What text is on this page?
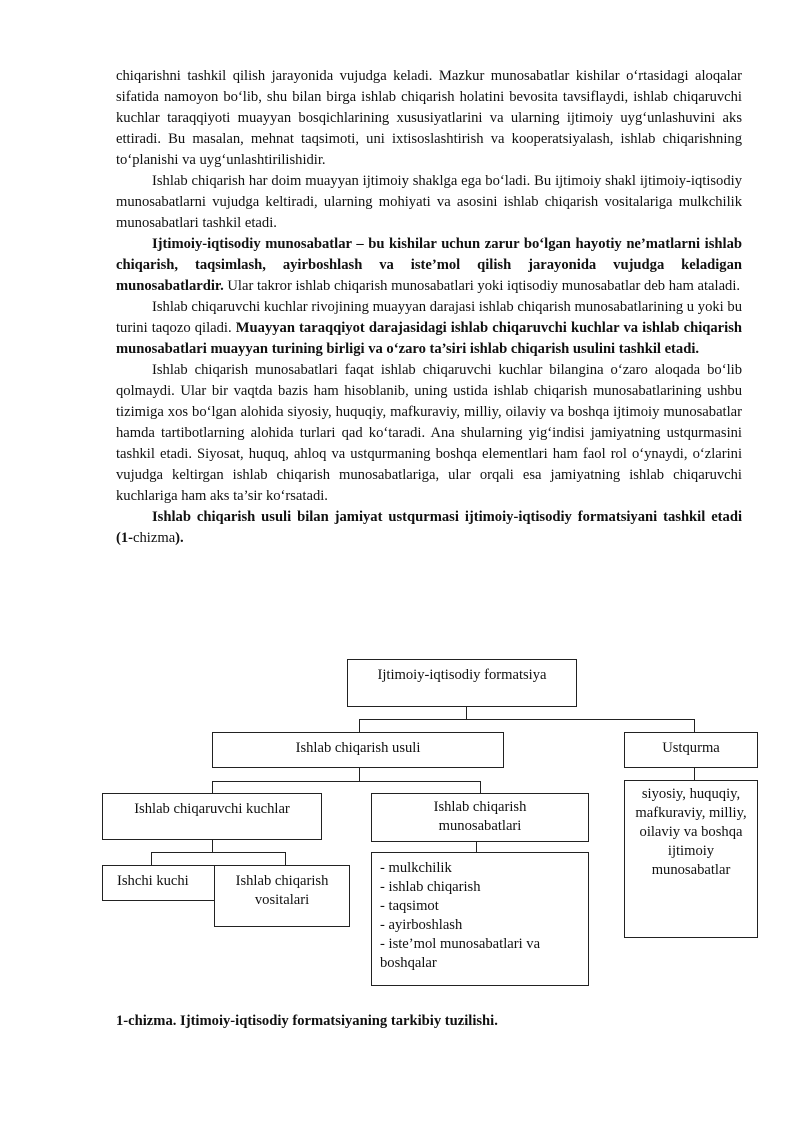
chiqarishni tashkil qilish jarayonida vujudga keladi. Mazkur munosabatlar kishilar o‘rtasidagi aloqalar sifatida namoyon bo‘lib, shu bilan birga ishlab chiqarish holatini bevosita tavsiflaydi, ishlab chiqaruvchi kuchlar taraqqiyoti muayyan bosqichlarining xususiyatlarini va ularning ijtimoiy uyg‘unlashuvini aks ettiradi. Bu masalan, mehnat taqsimoti, uni ixtisoslashtirish va kooperatsiyalash, ishlab chiqarishning to‘planishi va uyg‘unlashtirilishidir.

Ishlab chiqarish har doim muayyan ijtimoiy shaklga ega bo‘ladi. Bu ijtimoiy shakl ijtimoiy-iqtisodiy munosabatlarni vujudga keltiradi, ularning mohiyati va asosini ishlab chiqarish vositalariga mulkchilik munosabatlari tashkil etadi.

Ijtimoiy-iqtisodiy munosabatlar – bu kishilar uchun zarur bo‘lgan hayotiy ne’matlarni ishlab chiqarish, taqsimlash, ayirboshlash va iste’mol qilish jarayonida vujudga keladigan munosabatlardir. Ular takror ishlab chiqarish munosabatlari yoki iqtisodiy munosabatlar deb ham ataladi.

Ishlab chiqaruvchi kuchlar rivojining muayyan darajasi ishlab chiqarish munosabatlarining u yoki bu turini taqozo qiladi. Muayyan taraqqiyot darajasidagi ishlab chiqaruvchi kuchlar va ishlab chiqarish munosabatlari muayyan turining birligi va o‘zaro ta’siri ishlab chiqarish usulini tashkil etadi.

Ishlab chiqarish munosabatlari faqat ishlab chiqaruvchi kuchlar bilangina o‘zaro aloqada bo‘lib qolmaydi. Ular bir vaqtda bazis ham hisoblanib, uning ustida ishlab chiqarish munosabatlarining ushbu tizimiga xos bo‘lgan alohida siyosiy, huquqiy, mafkuraviy, milliy, oilaviy va boshqa ijtimoiy munosabatlar hamda tartibotlarning alohida turlari qad ko‘taradi. Ana shularning yig‘indisi jamiyatning ustqurmasini tashkil etadi. Siyosat, huquq, ahloq va ustqurmaning boshqa elementlari ham faol rol o‘ynaydi, o‘zlarini vujudga keltirgan ishlab chiqarish munosabatlariga, ular orqali esa jamiyatning ishlab chiqaruvchi kuchlariga ham aks ta’sir ko‘rsatadi.

Ishlab chiqarish usuli bilan jamiyat ustqurmasi ijtimoiy-iqtisodiy formatsiyani tashkil etadi (1-chizma).

Ijtimoiy-iqtisodiy formatsiya
Ishlab chiqarish usuli	Ustqurma
Ishlab chiqaruvchi kuchlar	Ishlab chiqarish munosabatlari
siyosiy, huquqiy, mafkuraviy, milliy, oilaviy va boshqa ijtimoiy munosabatlar
Ishchi kuchi	Ishlab chiqarish vositalari
- mulkchilik
- ishlab chiqarish
- taqsimot
- ayirboshlash
- iste’mol munosabatlari va boshqalar
1-chizma. Ijtimoiy-iqtisodiy formatsiyaning tarkibiy tuzilishi.
